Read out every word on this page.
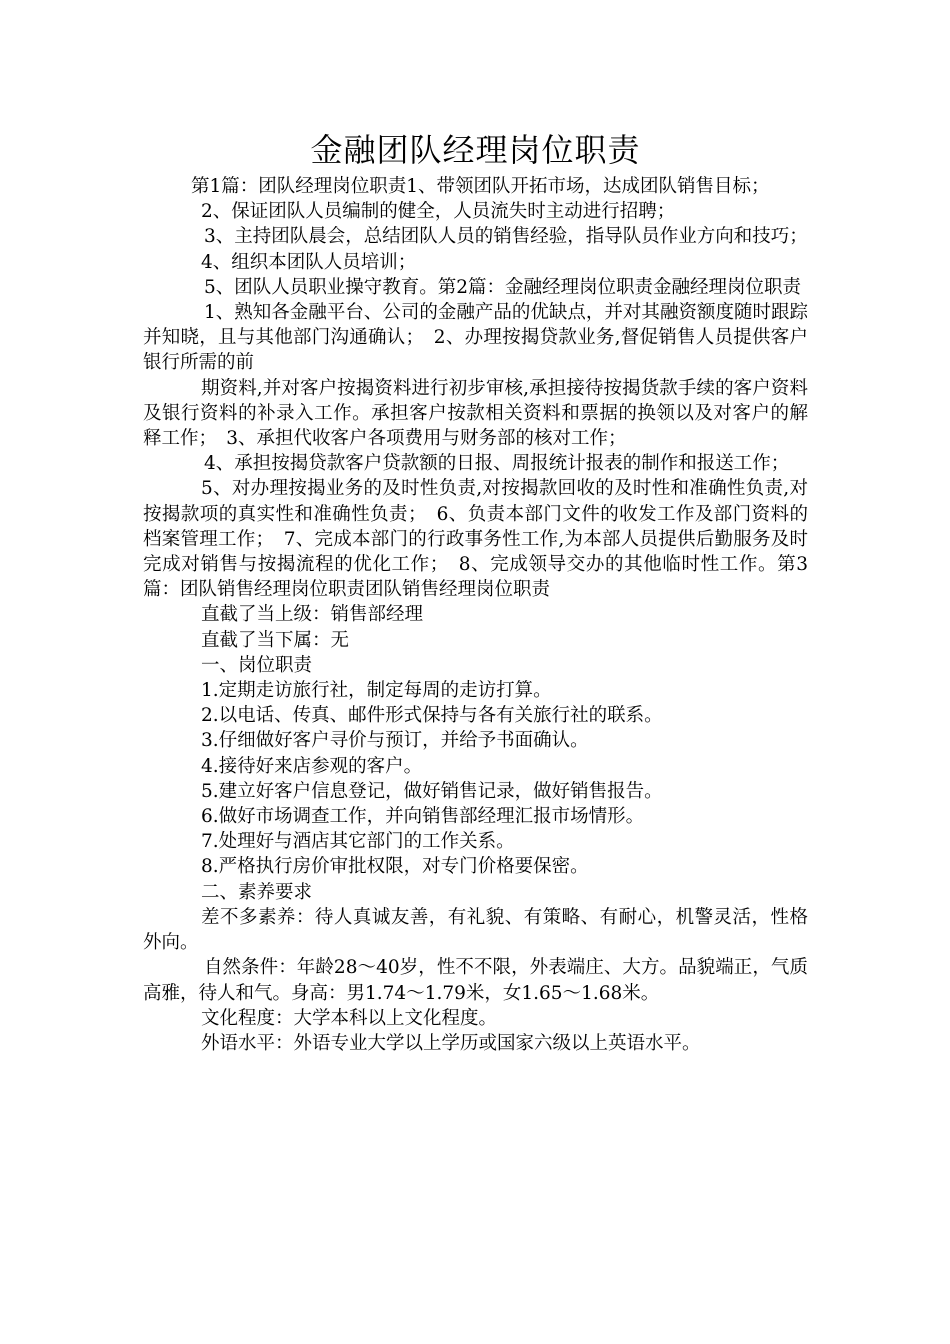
金融团队经理岗位职责

第1篇：团队经理岗位职责1、带领团队开拓市场，达成团队销售目标；

2、保证团队人员编制的健全，人员流失时主动进行招聘；

3、主持团队晨会，总结团队人员的销售经验，指导队员作业方向和技巧；

4、组织本团队人员培训；

5、团队人员职业操守教育。第2篇：金融经理岗位职责金融经理岗位职责

1、熟知各金融平台、公司的金融产品的优缺点，并对其融资额度随时跟踪并知晓，且与其他部门沟通确认；　2、办理按揭贷款业务,督促销售人员提供客户银行所需的前

期资料,并对客户按揭资料进行初步审核,承担接待按揭货款手续的客户资料及银行资料的补录入工作。承担客户按款相关资料和票据的换领以及对客户的解释工作；　3、承担代收客户各项费用与财务部的核对工作；

4、承担按揭贷款客户贷款额的日报、周报统计报表的制作和报送工作；

5、对办理按揭业务的及时性负责,对按揭款回收的及时性和准确性负责,对按揭款项的真实性和准确性负责；　6、负责本部门文件的收发工作及部门资料的档案管理工作；　7、完成本部门的行政事务性工作,为本部人员提供后勤服务及时完成对销售与按揭流程的优化工作；　8、完成领导交办的其他临时性工作。第3篇：团队销售经理岗位职责团队销售经理岗位职责

直截了当上级：销售部经理

直截了当下属：无

一、岗位职责

1.定期走访旅行社，制定每周的走访打算。

2.以电话、传真、邮件形式保持与各有关旅行社的联系。

3.仔细做好客户寻价与预订，并给予书面确认。

4.接待好来店参观的客户。

5.建立好客户信息登记，做好销售记录，做好销售报告。

6.做好市场调查工作，并向销售部经理汇报市场情形。

7.处理好与酒店其它部门的工作关系。

8.严格执行房价审批权限，对专门价格要保密。

二、素养要求

差不多素养：待人真诚友善，有礼貌、有策略、有耐心，机警灵活，性格外向。

自然条件：年龄28～40岁，性不不限，外表端庄、大方。品貌端正，气质高雅，待人和气。身高：男1.74～1.79米，女1.65～1.68米。

文化程度：大学本科以上文化程度。

外语水平：外语专业大学以上学历或国家六级以上英语水平。
